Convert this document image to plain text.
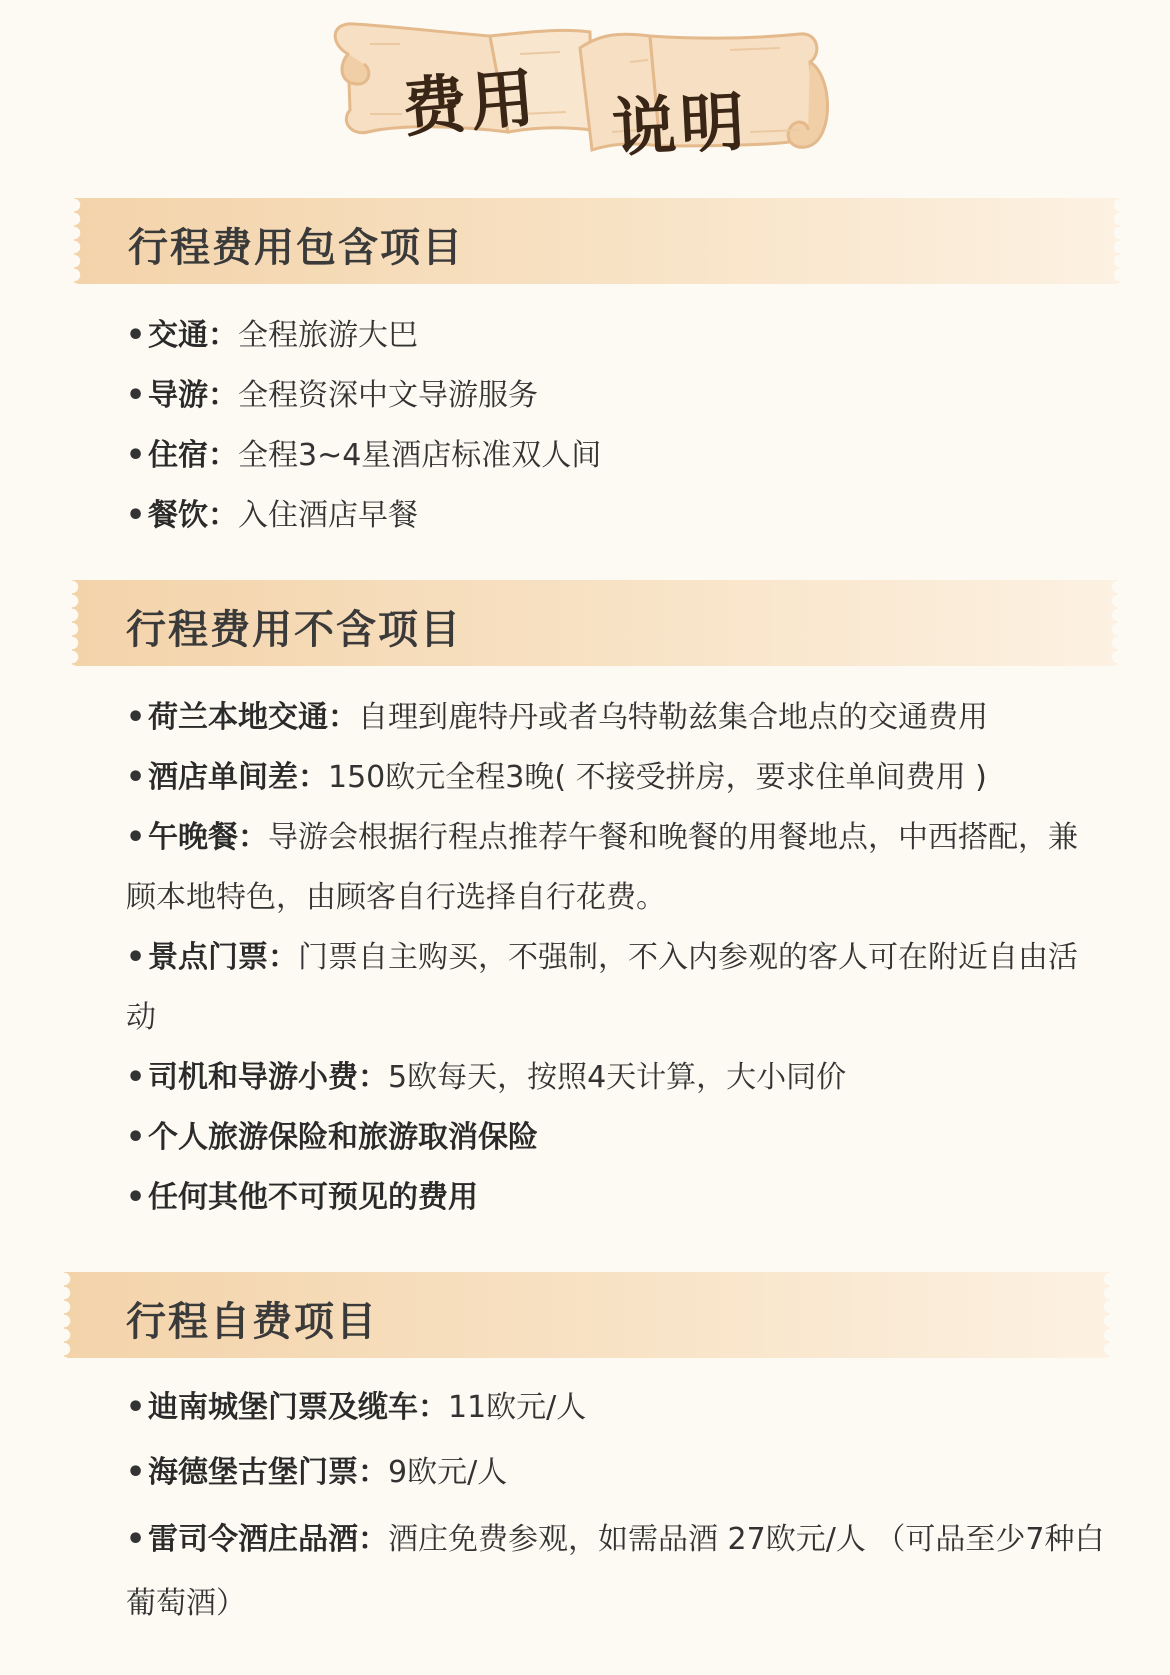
费用 说明
行程费用包含项目
•交通：全程旅游大巴
•导游：全程资深中文导游服务
•住宿：全程3~4星酒店标准双人间
•餐饮：入住酒店早餐
行程费用不含项目
•荷兰本地交通：自理到鹿特丹或者乌特勒兹集合地点的交通费用
•酒店单间差：150欧元全程3晚( 不接受拼房，要求住单间费用 )
•午晚餐：导游会根据行程点推荐午餐和晚餐的用餐地点，中西搭配，兼顾本地特色，由顾客自行选择自行花费。
•景点门票：门票自主购买，不强制，不入内参观的客人可在附近自由活动
•司机和导游小费：5欧每天，按照4天计算，大小同价
•个人旅游保险和旅游取消保险
•任何其他不可预见的费用
行程自费项目
•迪南城堡门票及缆车：11欧元/人
•海德堡古堡门票：9欧元/人
•雷司令酒庄品酒：酒庄免费参观，如需品酒 27欧元/人 （可品至少7种白葡萄酒）
